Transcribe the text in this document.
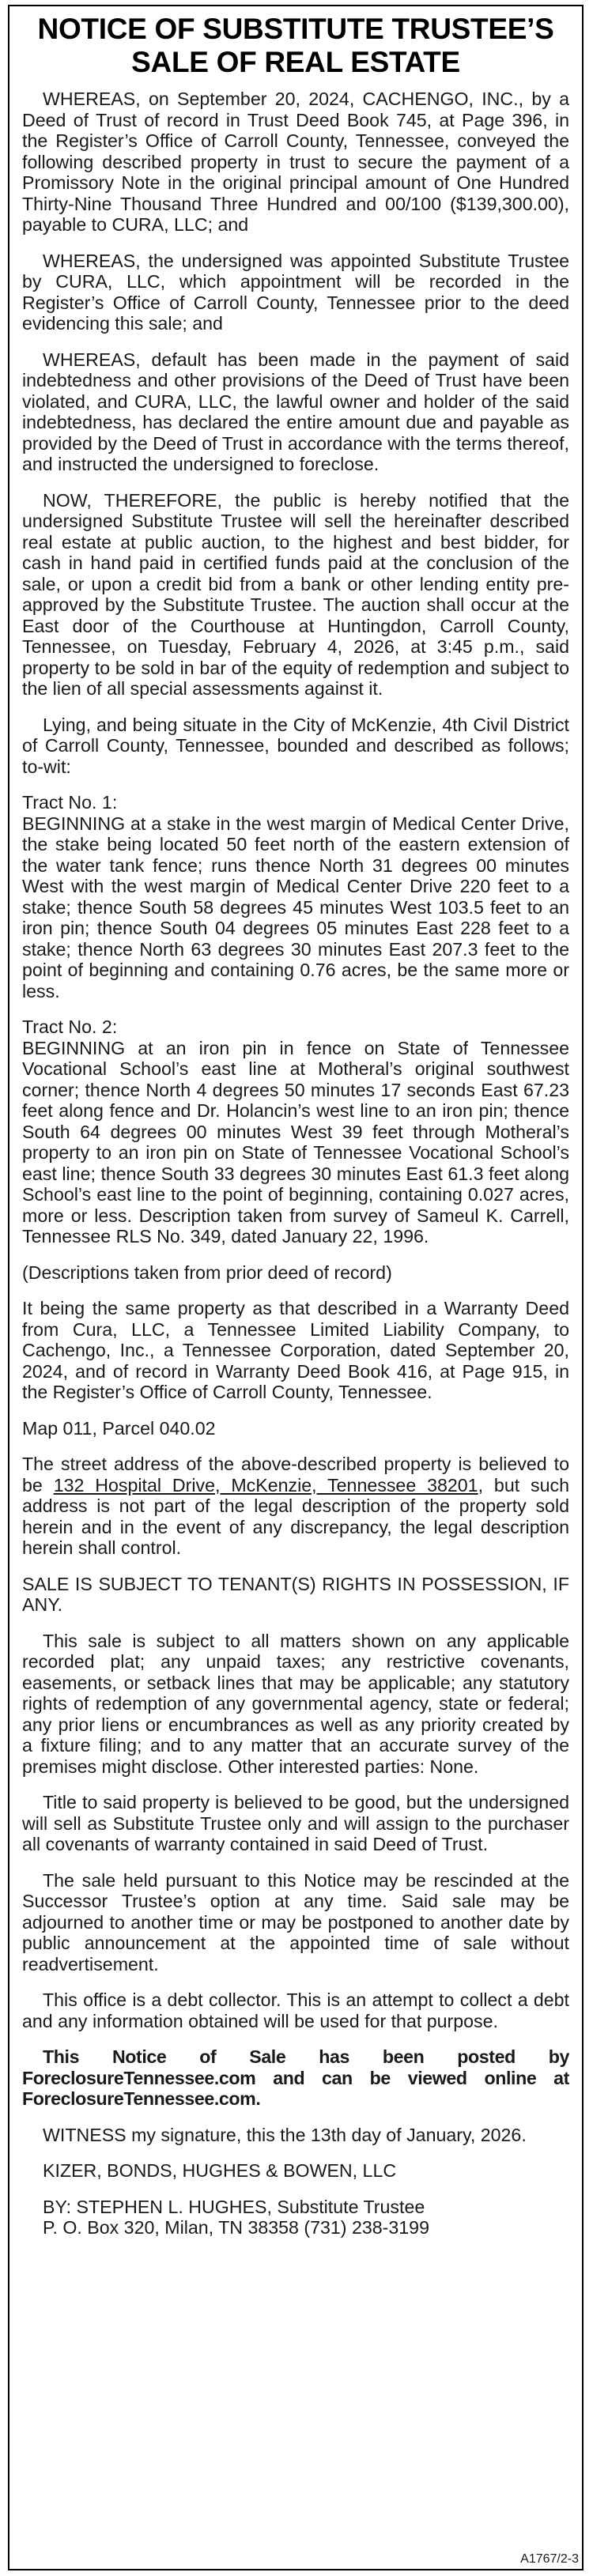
NOTICE OF SUBSTITUTE TRUSTEE’S
SALE OF REAL ESTATE

WHEREAS, on September 20, 2024, CACHENGO, INC., by a Deed of Trust of record in Trust Deed Book 745, at Page 396, in the Register’s Office of Carroll County, Tennessee, conveyed the following described property in trust to secure the payment of a Promissory Note in the original principal amount of One Hundred Thirty-Nine Thousand Three Hundred and 00/100 ($139,300.00), payable to CURA, LLC; and

WHEREAS, the undersigned was appointed Substitute Trustee by CURA, LLC, which appointment will be recorded in the Register’s Office of Carroll County, Tennessee prior to the deed evidencing this sale; and

WHEREAS, default has been made in the payment of said indebtedness and other provisions of the Deed of Trust have been violated, and CURA, LLC, the lawful owner and holder of the said indebtedness, has declared the entire amount due and payable as provided by the Deed of Trust in accordance with the terms thereof, and instructed the undersigned to foreclose.

NOW, THEREFORE, the public is hereby notified that the undersigned Substitute Trustee will sell the hereinafter described real estate at public auction, to the highest and best bidder, for cash in hand paid in certified funds paid at the conclusion of the sale, or upon a credit bid from a bank or other lending entity pre-approved by the Substitute Trustee. The auction shall occur at the East door of the Courthouse at Huntingdon, Carroll County, Tennessee, on Tuesday, February 4, 2026, at 3:45 p.m., said property to be sold in bar of the equity of redemption and subject to the lien of all special assessments against it.

Lying, and being situate in the City of McKenzie, 4th Civil District of Carroll County, Tennessee, bounded and described as follows; to-wit:

Tract No. 1:

BEGINNING at a stake in the west margin of Medical Center Drive, the stake being located 50 feet north of the eastern extension of the water tank fence; runs thence North 31 degrees 00 minutes West with the west margin of Medical Center Drive 220 feet to a stake; thence South 58 degrees 45 minutes West 103.5 feet to an iron pin; thence South 04 degrees 05 minutes East 228 feet to a stake; thence North 63 degrees 30 minutes East 207.3 feet to the point of beginning and containing 0.76 acres, be the same more or less.

Tract No. 2:

BEGINNING at an iron pin in fence on State of Tennessee Vocational School’s east line at Motheral’s original southwest corner; thence North 4 degrees 50 minutes 17 seconds East 67.23 feet along fence and Dr. Holancin’s west line to an iron pin; thence South 64 degrees 00 minutes West 39 feet through Motheral’s property to an iron pin on State of Tennessee Vocational School’s east line; thence South 33 degrees 30 minutes East 61.3 feet along School’s east line to the point of beginning, containing 0.027 acres, more or less. Description taken from survey of Sameul K. Carrell, Tennessee RLS No. 349, dated January 22, 1996.

(Descriptions taken from prior deed of record)

It being the same property as that described in a Warranty Deed from Cura, LLC, a Tennessee Limited Liability Company, to Cachengo, Inc., a Tennessee Corporation, dated September 20, 2024, and of record in Warranty Deed Book 416, at Page 915, in the Register’s Office of Carroll County, Tennessee.

Map 011, Parcel 040.02

The street address of the above-described property is believed to be 132 Hospital Drive, McKenzie, Tennessee 38201, but such address is not part of the legal description of the property sold herein and in the event of any discrepancy, the legal description herein shall control.

SALE IS SUBJECT TO TENANT(S) RIGHTS IN POSSESSION, IF ANY.

This sale is subject to all matters shown on any applicable recorded plat; any unpaid taxes; any restrictive covenants, easements, or setback lines that may be applicable; any statutory rights of redemption of any governmental agency, state or federal; any prior liens or encumbrances as well as any priority created by a fixture filing; and to any matter that an accurate survey of the premises might disclose. Other interested parties: None.

Title to said property is believed to be good, but the undersigned will sell as Substitute Trustee only and will assign to the purchaser all covenants of warranty contained in said Deed of Trust.

The sale held pursuant to this Notice may be rescinded at the Successor Trustee’s option at any time. Said sale may be adjourned to another time or may be postponed to another date by public announcement at the appointed time of sale without readvertisement.

This office is a debt collector. This is an attempt to collect a debt and any information obtained will be used for that purpose.

This Notice of Sale has been posted by ForeclosureTennessee.com and can be viewed online at ForeclosureTennessee.com.

WITNESS my signature, this the 13th day of January, 2026.

KIZER, BONDS, HUGHES & BOWEN, LLC

BY: STEPHEN L. HUGHES, Substitute Trustee

P. O. Box 320, Milan, TN 38358 (731) 238-3199

A1767/2-3
